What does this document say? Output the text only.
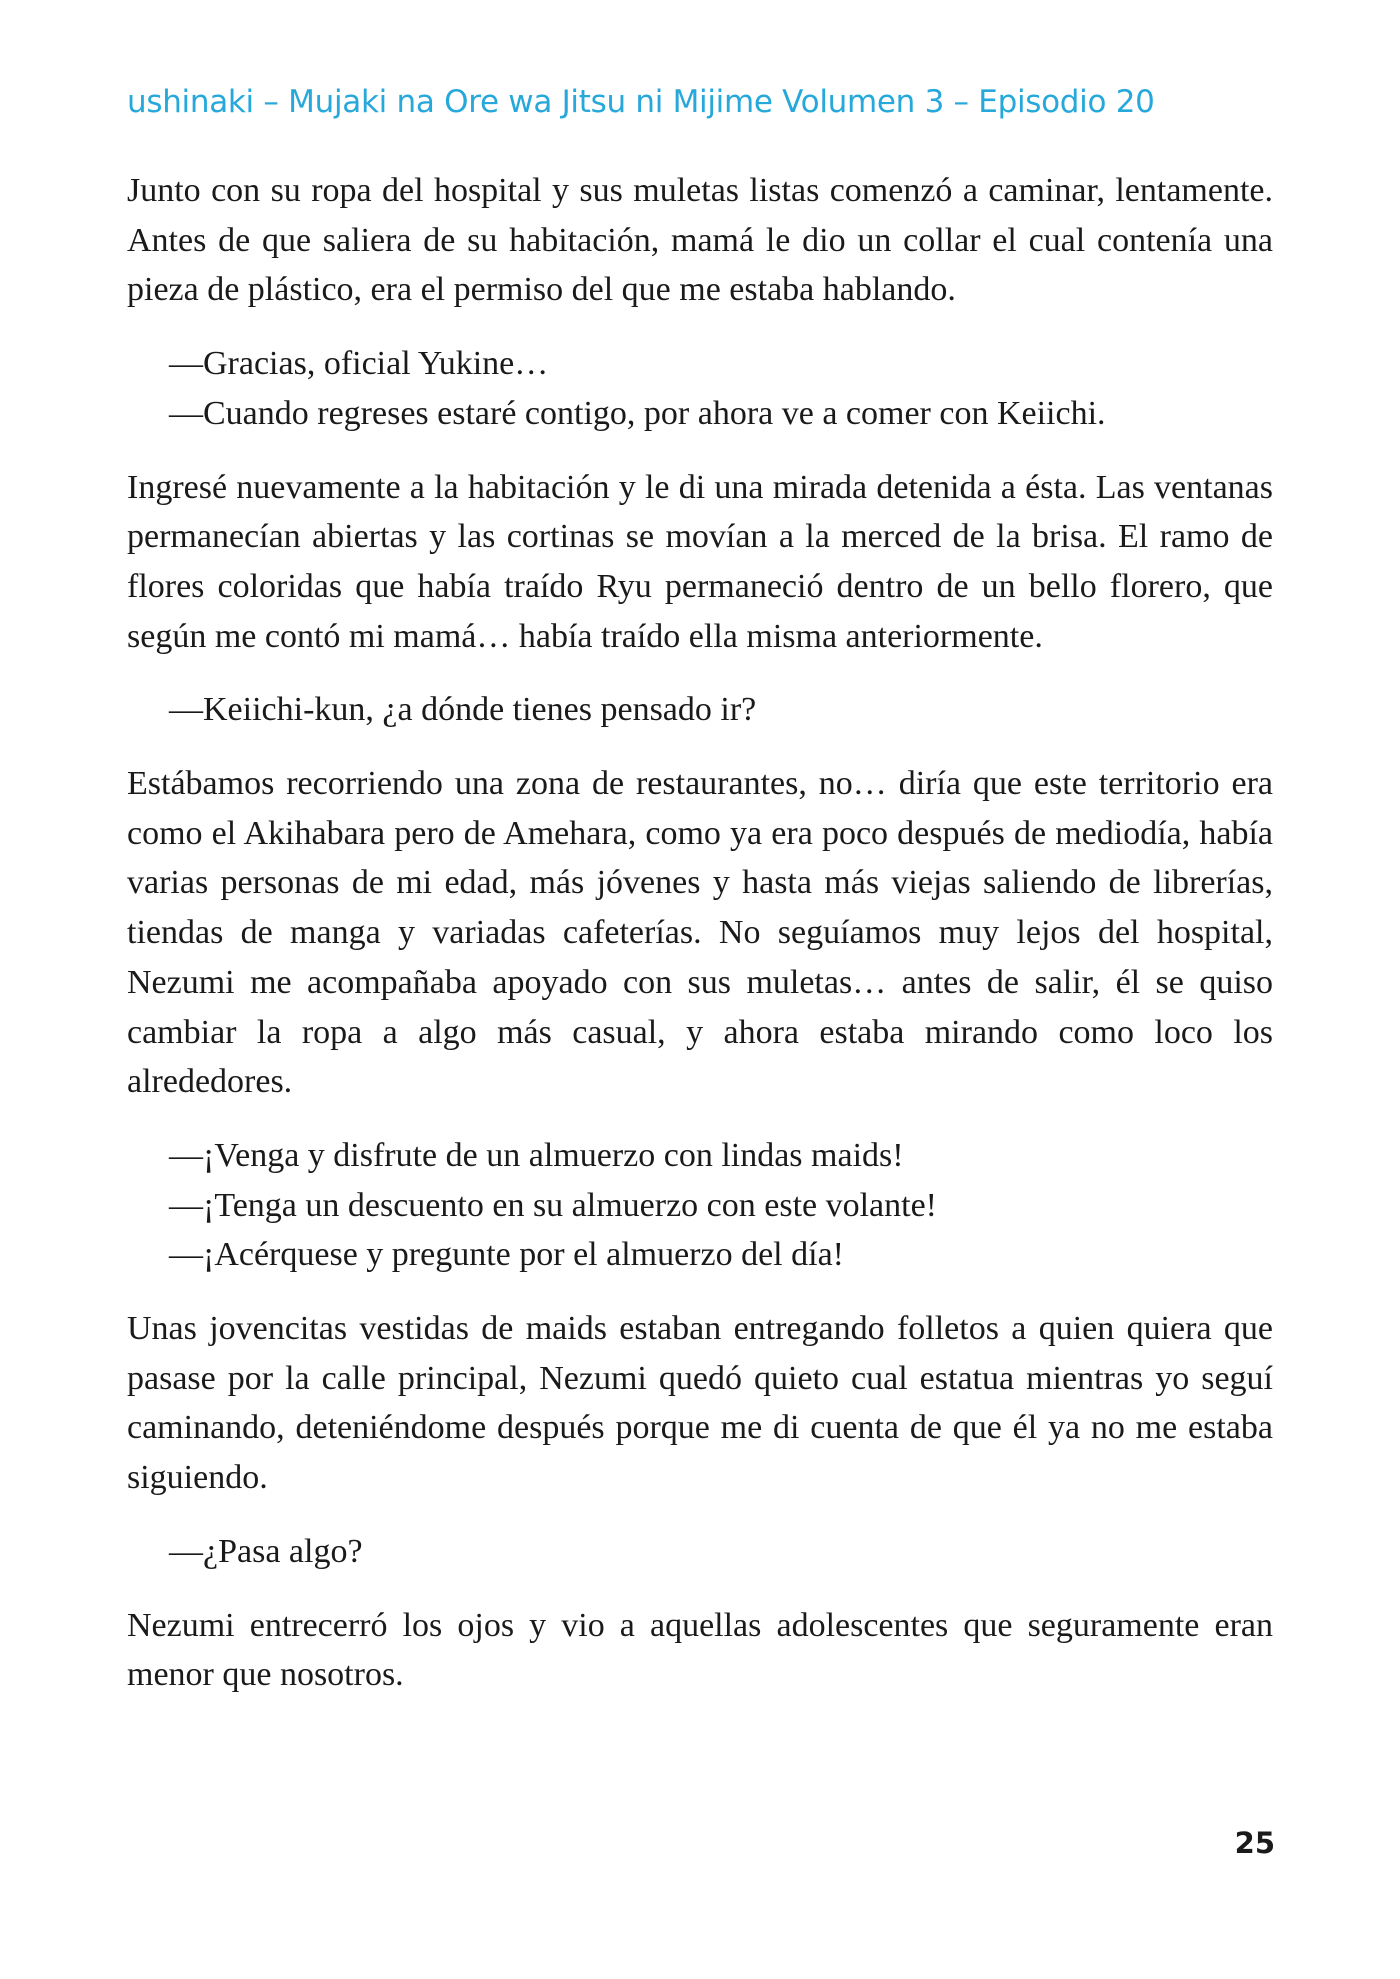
ushinaki – Mujaki na Ore wa Jitsu ni Mijime Volumen 3 – Episodio 20

Junto con su ropa del hospital y sus muletas listas comenzó a caminar, lentamente. Antes de que saliera de su habitación, mamá le dio un collar el cual contenía una pieza de plástico, era el permiso del que me estaba hablando.

—Gracias, oficial Yukine…

—Cuando regreses estaré contigo, por ahora ve a comer con Keiichi.

Ingresé nuevamente a la habitación y le di una mirada detenida a ésta. Las ventanas permanecían abiertas y las cortinas se movían a la merced de la brisa. El ramo de flores coloridas que había traído Ryu permaneció dentro de un bello florero, que según me contó mi mamá… había traído ella misma anteriormente.

—Keiichi-kun, ¿a dónde tienes pensado ir?

Estábamos recorriendo una zona de restaurantes, no… diría que este territorio era como el Akihabara pero de Amehara, como ya era poco después de mediodía, había varias personas de mi edad, más jóvenes y hasta más viejas saliendo de librerías, tiendas de manga y variadas cafeterías. No seguíamos muy lejos del hospital, Nezumi me acompañaba apoyado con sus muletas… antes de salir, él se quiso cambiar la ropa a algo más casual, y ahora estaba mirando como loco los alrededores.

—¡Venga y disfrute de un almuerzo con lindas maids!

—¡Tenga un descuento en su almuerzo con este volante!

—¡Acérquese y pregunte por el almuerzo del día!

Unas jovencitas vestidas de maids estaban entregando folletos a quien quiera que pasase por la calle principal, Nezumi quedó quieto cual estatua mientras yo seguí caminando, deteniéndome después porque me di cuenta de que él ya no me estaba siguiendo.

—¿Pasa algo?

Nezumi entrecerró los ojos y vio a aquellas adolescentes que seguramente eran menor que nosotros.

25
